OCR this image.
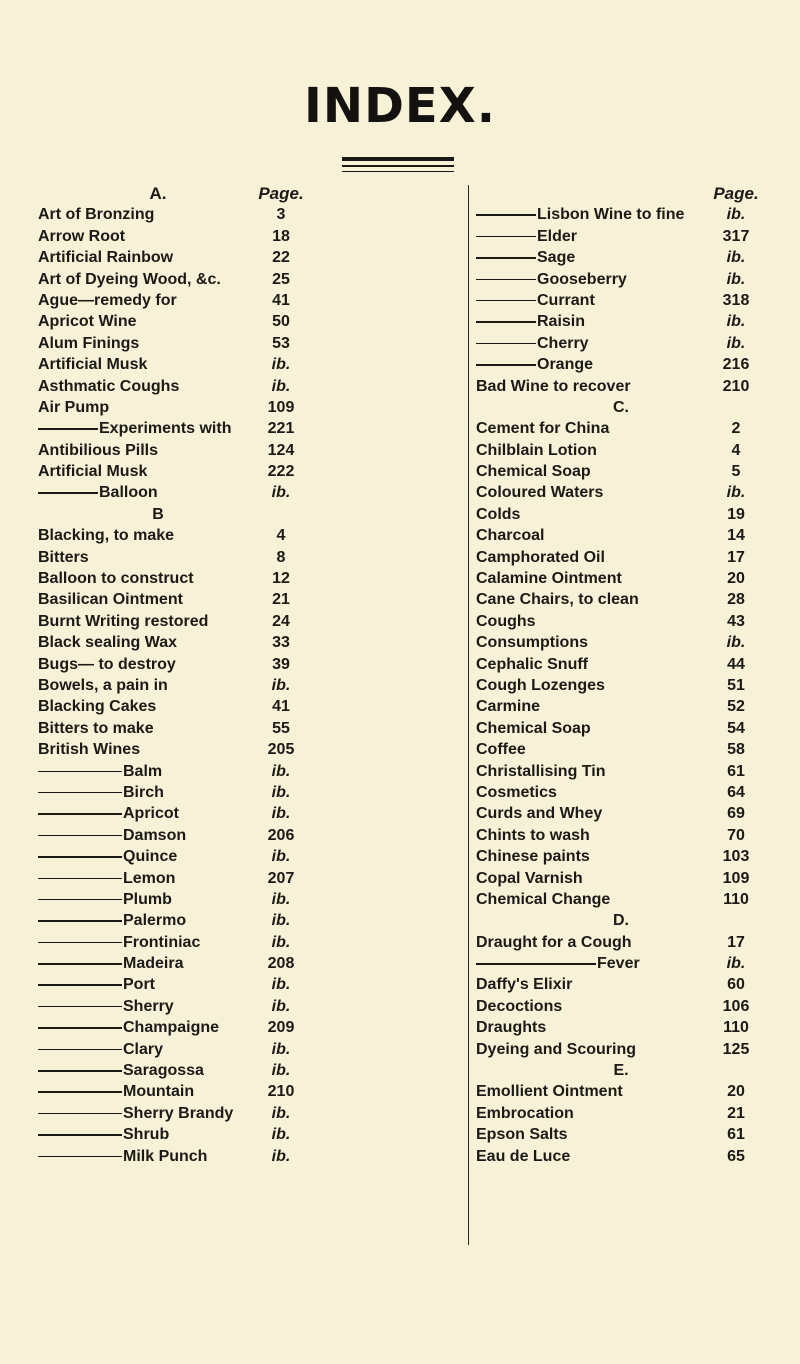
INDEX.
A.
Art of Bronzing
Arrow Root
Artificial Rainbow
Art of Dyeing Wood, &c.
Ague—remedy for
Apricot Wine
Alum Finings
Artificial Musk
Asthmatic Coughs
Air Pump
Experiments with
Antibilious Pills
Artificial Musk
Balloon
B
Blacking, to make
Bitters
Balloon to construct
Basilican Ointment
Burnt Writing restored
Black sealing Wax
Bugs— to destroy
Bowels, a pain in
Blacking Cakes
Bitters to make
British Wines
Balm
Birch
Apricot
Damson
Quince
Lemon
Plumb
Palermo
Frontiniac
Madeira
Port
Sherry
Champaigne
Clary
Saragossa
Mountain
Sherry Brandy
Shrub
Milk Punch
Page.
3
18
22
25
41
50
53
ib.
ib.
109
221
124
222
ib.
4
8
12
21
24
33
39
ib.
41
55
205
ib.
ib.
ib.
206
ib.
207
ib.
ib.
ib.
208
ib.
ib.
209
ib.
ib.
210
ib.
ib.
ib.

Lisbon Wine to fine
Elder
Sage
Gooseberry
Currant
Raisin
Cherry
Orange
Bad Wine to recover
C.
Cement for China
Chilblain Lotion
Chemical Soap
Coloured Waters
Colds
Charcoal
Camphorated Oil
Calamine Ointment
Cane Chairs, to clean
Coughs
Consumptions
Cephalic Snuff
Cough Lozenges
Carmine
Chemical Soap
Coffee
Christallising Tin
Cosmetics
Curds and Whey
Chints to wash
Chinese paints
Copal Varnish
Chemical Change
D.
Draught for a Cough
Fever
Daffy's Elixir
Decoctions
Draughts
Dyeing and Scouring
E.
Emollient Ointment
Embrocation
Epson Salts
Eau de Luce
Page.
ib.
317
ib.
ib.
318
ib.
ib.
216
210
2
4
5
ib.
19
14
17
20
28
43
ib.
44
51
52
54
58
61
64
69
70
103
109
110
17
ib.
60
106
110
125
20
21
61
65
